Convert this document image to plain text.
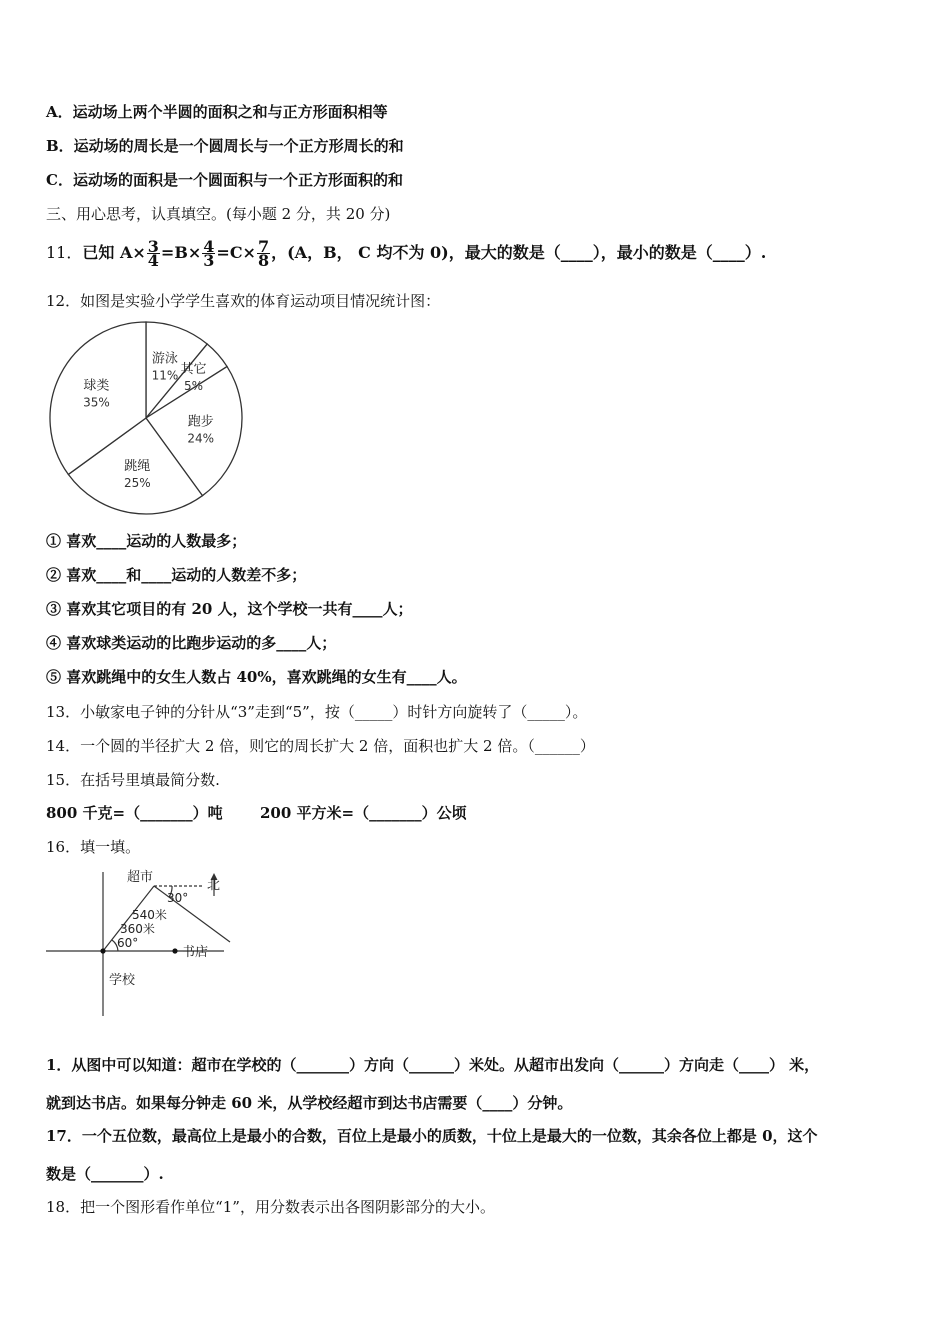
A．运动场上两个半圆的面积之和与正方形面积相等
B．运动场的周长是一个圆周长与一个正方形周长的和
C．运动场的面积是一个圆面积与一个正方形面积的和
三、用心思考，认真填空。(每小题 2 分，共 20 分)
11．已知 $A\times \frac{3}{4} =B\times \frac{4}{3} =C\times \frac{7}{8}$ ，(A，B， C 均不为 0)，最大的数是（____），最小的数是（____）.
12．如图是实验小学学生喜欢的体育运动项目情况统计图：
游泳
11% 其它
5%
跑步
24%
跳绳
25%
球类
35%
① 喜欢____运动的人数最多；
② 喜欢____和____运动的人数差不多；
③ 喜欢其它项目的有 20 人，这个学校一共有____人；
④ 喜欢球类运动的比跑步运动的多____人；
⑤ 喜欢跳绳中的女生人数占 40%，喜欢跳绳的女生有____人。
13．小敏家电子钟的分针从“3”走到“5”，按（_____）时针方向旋转了（_____）。
14．一个圆的半径扩大 2 倍，则它的周长扩大 2 倍，面积也扩大 2 倍。（______）
15．在括号里填最简分数.
800 千克=（_______）吨 200 平方米=（_______）公顷
16．填一填。
超市
北
30°
540米
360米
60°
书店
学校
1．从图中可以知道：超市在学校的（_______）方向（______）米处。从超市出发向（______）方向走（____） 米，
就到达书店。如果每分钟走 60 米，从学校经超市到达书店需要（____）分钟。
17．一个五位数，最高位上是最小的合数，百位上是最小的质数，十位上是最大的一位数，其余各位上都是 0，这个
数是（_______）.
18．把一个图形看作单位“1”，用分数表示出各图阴影部分的大小。
